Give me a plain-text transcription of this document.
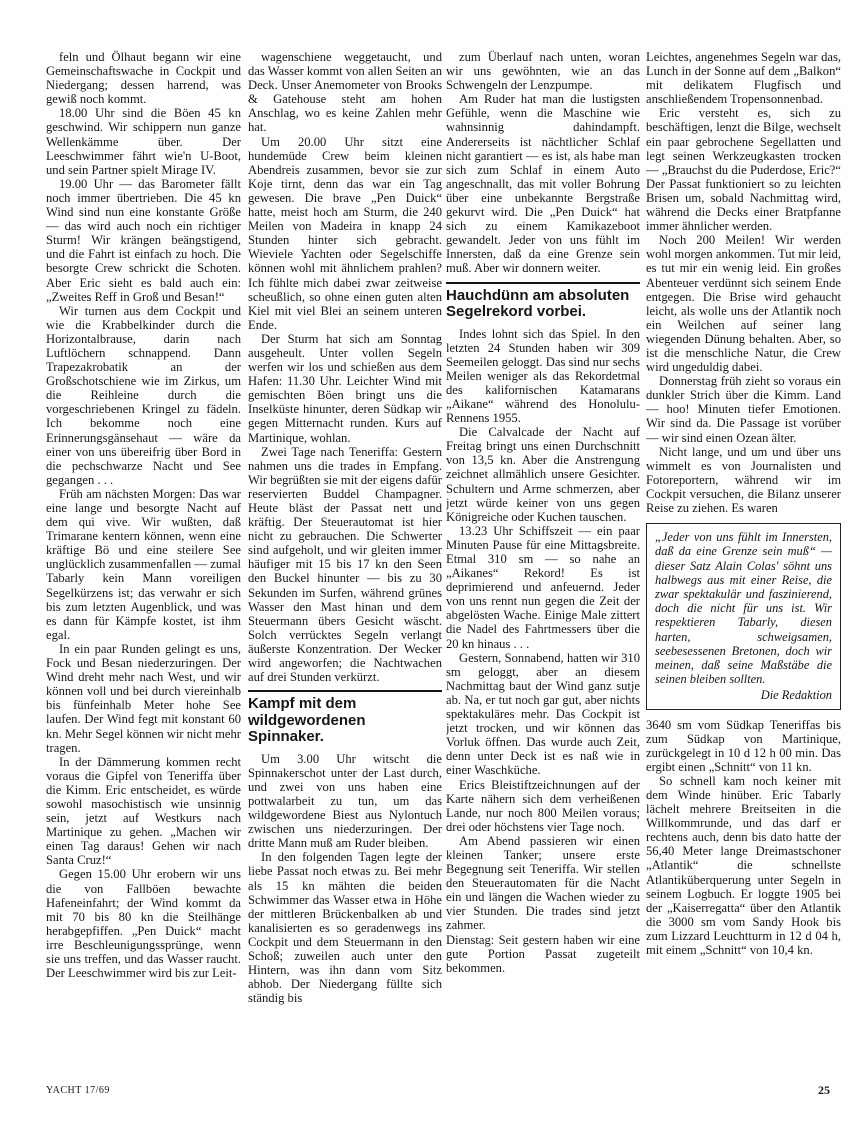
feln und Ölhaut begann wir eine Gemeinschaftswache in Cockpit und Niedergang; dessen harrend, was gewiß noch kommt.

18.00 Uhr sind die Böen 45 kn geschwind. Wir schippern nun ganze Wellenkämme über. Der Leeschwimmer fährt wie'n U-Boot, und sein Partner spielt Mirage IV.

19.00 Uhr — das Barometer fällt noch immer übertrieben. Die 45 kn Wind sind nun eine konstante Größe — das wird auch noch ein richtiger Sturm! Wir krängen beängstigend, und die Fahrt ist einfach zu hoch. Die besorgte Crew schrickt die Schoten. Aber Eric sieht es bald auch ein: „Zweites Reff in Groß und Besan!“

Wir turnen aus dem Cockpit und wie die Krabbelkinder durch die Horizontalbrause, darin nach Luftlöchern schnappend. Dann Trapezakrobatik an der Großschotschiene wie im Zirkus, um die Reihleine durch die vorgeschriebenen Kringel zu fädeln. Ich bekomme noch eine Erinnerungsgänsehaut — wäre da einer von uns übereifrig über Bord in die pechschwarze Nacht und See gegangen . . .

Früh am nächsten Morgen: Das war eine lange und besorgte Nacht auf dem qui vive. Wir wußten, daß Trimarane kentern können, wenn eine kräftige Bö und eine steilere See unglücklich zusammenfallen — zumal Tabarly kein Mann voreiligen Segelkürzens ist; das verwahr er sich bis zum letzten Augenblick, und was es dann für Kämpfe kostet, ist ihm egal.

In ein paar Runden gelingt es uns, Fock und Besan niederzuringen. Der Wind dreht mehr nach West, und wir können voll und bei durch viereinhalb bis fünfeinhalb Meter hohe See laufen. Der Wind fegt mit konstant 60 kn. Mehr Segel können wir nicht mehr tragen.

In der Dämmerung kommen recht voraus die Gipfel von Teneriffa über die Kimm. Eric entscheidet, es würde sowohl masochistisch wie unsinnig sein, jetzt auf Westkurs nach Martinique zu gehen. „Machen wir einen Tag daraus! Gehen wir nach Santa Cruz!“

Gegen 15.00 Uhr erobern wir uns die von Fallböen bewachte Hafeneinfahrt; der Wind kommt da mit 70 bis 80 kn die Steilhänge herabgepfiffen. „Pen Duick“ macht irre Beschleunigungssprünge, wenn sie uns treffen, und das Wasser raucht. Der Leeschwimmer wird bis zur Leit-

wagenschiene weggetaucht, und das Wasser kommt von allen Seiten an Deck. Unser Anemometer von Brooks & Gatehouse steht am hohen Anschlag, wo es keine Zahlen mehr hat.

Um 20.00 Uhr sitzt eine hundemüde Crew beim kleinen Abendreis zusammen, bevor sie zur Koje tirnt, denn das war ein Tag gewesen. Die brave „Pen Duick“ hatte, meist hoch am Sturm, die 240 Meilen von Madeira in knapp 24 Stunden hinter sich gebracht. Wieviele Yachten oder Segelschiffe können wohl mit ähnlichem prahlen? Ich fühlte mich dabei zwar zeitweise scheußlich, so ohne einen guten alten Kiel mit viel Blei an seinem unteren Ende.

Der Sturm hat sich am Sonntag ausgeheult. Unter vollen Segeln werfen wir los und schießen aus dem Hafen: 11.30 Uhr. Leichter Wind mit gemischten Böen bringt uns die Inselküste hinunter, deren Südkap wir gegen Mitternacht runden. Kurs auf Martinique, wohlan.

Zwei Tage nach Teneriffa: Gestern nahmen uns die trades in Empfang. Wir begrüßten sie mit der eigens dafür reservierten Buddel Champagner. Heute bläst der Passat nett und kräftig. Der Steuerautomat ist hier nicht zu gebrauchen. Die Schwerter sind aufgeholt, und wir gleiten immer häufiger mit 15 bis 17 kn den Seen den Buckel hinunter — bis zu 30 Sekunden im Surfen, während grünes Wasser den Mast hinan und dem Steuermann übers Gesicht wäscht. Solch verrücktes Segeln verlangt äußerste Konzentration. Der Wecker wird angeworfen; die Nachtwachen auf drei Stunden verkürzt.

Kampf mit dem wildgewordenen Spinnaker.

Um 3.00 Uhr witscht die Spinnakerschot unter der Last durch, und zwei von uns haben eine pottwalarbeit zu tun, um das wildgewordene Biest aus Nylontuch zwischen uns niederzuringen. Der dritte Mann muß am Ruder bleiben.

In den folgenden Tagen legte der liebe Passat noch etwas zu. Bei mehr als 15 kn mähten die beiden Schwimmer das Wasser etwa in Höhe der mittleren Brückenbalken ab und kanalisierten es so geradenwegs ins Cockpit und dem Steuermann in den Schoß; zuweilen auch unter den Hintern, was ihn dann vom Sitz abhob. Der Niedergang füllte sich ständig bis

zum Überlauf nach unten, woran wir uns gewöhnten, wie an das Schwengeln der Lenzpumpe.

Am Ruder hat man die lustigsten Gefühle, wenn die Maschine wie wahnsinnig dahindampft. Andererseits ist nächtlicher Schlaf nicht garantiert — es ist, als habe man sich zum Schlaf in einem Auto angeschnallt, das mit voller Bohrung über eine unbekannte Bergstraße gekurvt wird. Die „Pen Duick“ hat sich zu einem Kamikazeboot gewandelt. Jeder von uns fühlt im Innersten, daß da eine Grenze sein muß. Aber wir donnern weiter.

Hauchdünn am absoluten Segelrekord vorbei.

Indes lohnt sich das Spiel. In den letzten 24 Stunden haben wir 309 Seemeilen geloggt. Das sind nur sechs Meilen weniger als das Rekordetmal des kalifornischen Katamarans „Aikane“ während des Honolulu-Rennens 1955.

Die Calvalcade der Nacht auf Freitag bringt uns einen Durchschnitt von 13,5 kn. Aber die Anstrengung zeichnet allmählich unsere Gesichter. Schultern und Arme schmerzen, aber jetzt würde keiner von uns gegen Königreiche oder Kuchen tauschen.

13.23 Uhr Schiffszeit — ein paar Minuten Pause für eine Mittagsbreite. Etmal 310 sm — so nahe an „Aikanes“ Rekord! Es ist deprimierend und anfeuernd. Jeder von uns rennt nun gegen die Zeit der abgelösten Wache. Einige Male zittert die Nadel des Fahrtmessers über die 20 kn hinaus . . .

Gestern, Sonnabend, hatten wir 310 sm geloggt, aber an diesem Nachmittag baut der Wind ganz sutje ab. Na, er tut noch gar gut, aber nichts spektakuläres mehr. Das Cockpit ist jetzt trocken, und wir können das Vorluk öffnen. Das wurde auch Zeit, denn unter Deck ist es naß wie in einer Waschküche.

Erics Bleistiftzeichnungen auf der Karte nähern sich dem verheißenen Lande, nur noch 800 Meilen voraus; drei oder höchstens vier Tage noch.

Am Abend passieren wir einen kleinen Tanker; unsere erste Begegnung seit Teneriffa. Wir stellen den Steuerautomaten für die Nacht ein und längen die Wachen wieder zu vier Stunden. Die trades sind jetzt zahmer.

Dienstag: Seit gestern haben wir eine gute Portion Passat zugeteilt bekommen.

Leichtes, angenehmes Segeln war das, Lunch in der Sonne auf dem „Balkon“ mit delikatem Flugfisch und anschließendem Tropensonnenbad.

Eric versteht es, sich zu beschäftigen, lenzt die Bilge, wechselt ein paar gebrochene Segellatten und legt seinen Werkzeugkasten trocken — „Brauchst du die Puderdose, Eric?“ Der Passat funktioniert so zu leichten Brisen um, sobald Nachmittag wird, während die Decks einer Bratpfanne immer ähnlicher werden.

Noch 200 Meilen! Wir werden wohl morgen ankommen. Tut mir leid, es tut mir ein wenig leid. Ein großes Abenteuer verdünnt sich seinem Ende entgegen. Die Brise wird gehaucht leicht, als wolle uns der Atlantik noch ein Weilchen auf seiner lang wiegenden Dünung behalten. Aber, so ist die menschliche Natur, die Crew wird ungeduldig dabei.

Donnerstag früh zieht so voraus ein dunkler Strich über die Kimm. Land — hoo! Minuten tiefer Emotionen. Wir sind da. Die Passage ist vorüber — wir sind einen Ozean älter.

Nicht lange, und um und über uns wimmelt es von Journalisten und Fotoreportern, während wir im Cockpit versuchen, die Bilanz unserer Reise zu ziehen. Es waren

„Jeder von uns fühlt im Innersten, daß da eine Grenze sein muß“ — dieser Satz Alain Colas' söhnt uns halbwegs aus mit einer Reise, die zwar spektakulär und faszinierend, doch die nicht für uns ist. Wir respektieren Tabarly, diesen harten, schweigsamen, seebesessenen Bretonen, doch wir meinen, daß seine Maßstäbe die seinen bleiben sollten.

Die Redaktion

3640 sm vom Südkap Teneriffas bis zum Südkap von Martinique, zurückgelegt in 10 d 12 h 00 min. Das ergibt einen „Schnitt“ von 11 kn.

So schnell kam noch keiner mit dem Winde hinüber. Eric Tabarly lächelt mehrere Breitseiten in die Willkommrunde, und das darf er rechtens auch, denn bis dato hatte der 56,40 Meter lange Dreimastschoner „Atlantik“ die schnellste Atlantiküberquerung unter Segeln in seinem Logbuch. Er loggte 1905 bei der „Kaiserregatta“ über den Atlantik die 3000 sm vom Sandy Hook bis zum Lizzard Leuchtturm in 12 d 04 h, mit einem „Schnitt“ von 10,4 kn.

YACHT 17/69	25
